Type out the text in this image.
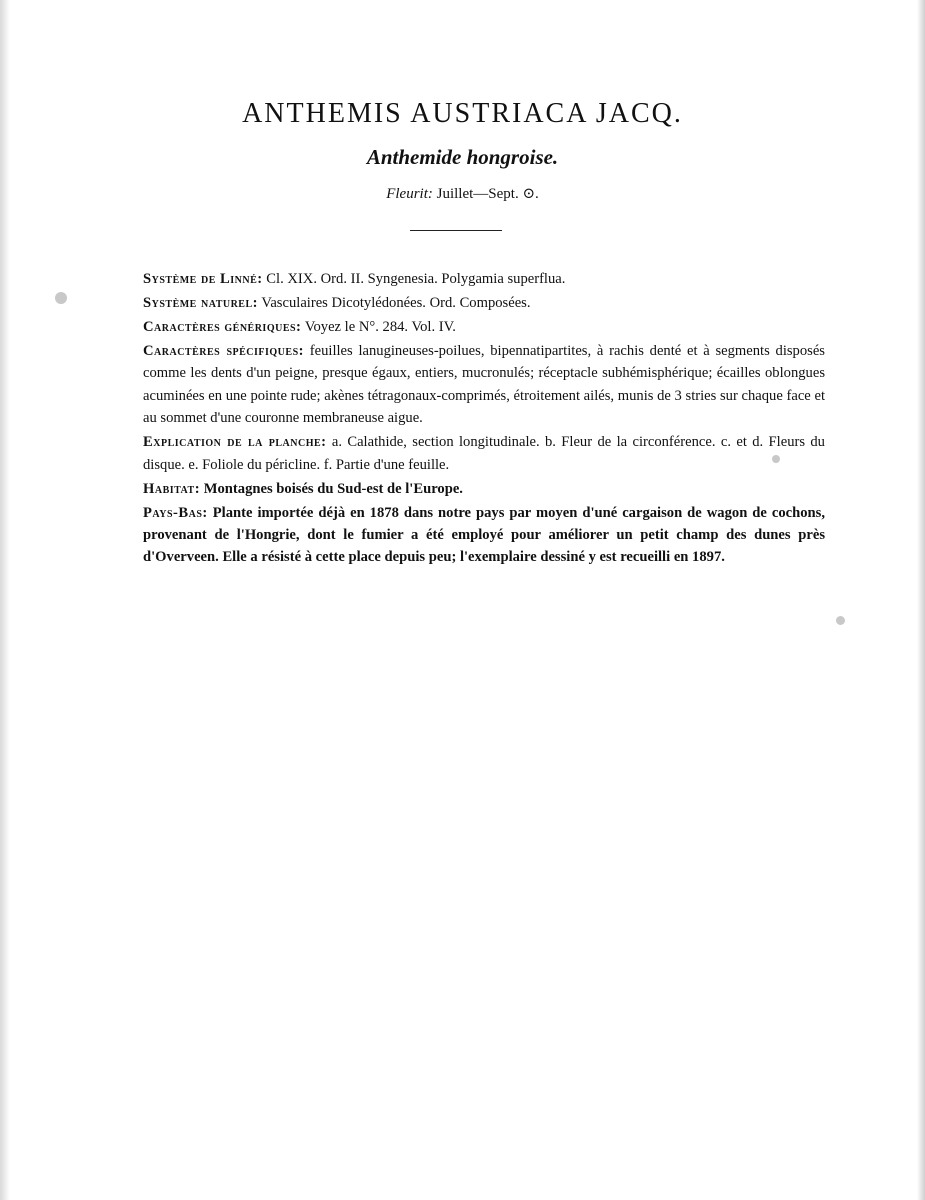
ANTHEMIS AUSTRIACA JACQ.
Anthemide hongroise.

Fleurit: Juillet—Sept. ⊙.

Système de Linné: Cl. XIX. Ord. II. Syngenesia. Polygamia superflua.

Système naturel: Vasculaires Dicotylédonées. Ord. Composées.

Caractères génériques: Voyez le N°. 284. Vol. IV.

Caractères spécifiques: feuilles lanugineuses-poilues, bipennatipartites, à rachis denté et à segments disposés comme les dents d'un peigne, presque égaux, entiers, mucronulés; réceptacle subhémisphérique; écailles oblongues acuminées en une pointe rude; akènes tétragonaux-comprimés, étroitement ailés, munis de 3 stries sur chaque face et au sommet d'une couronne membraneuse aigue.

Explication de la planche: a. Calathide, section longitudinale. b. Fleur de la circonférence. c. et d. Fleurs du disque. e. Foliole du péricline. f. Partie d'une feuille.

Habitat: Montagnes boisés du Sud-est de l'Europe.

Pays-Bas: Plante importée déjà en 1878 dans notre pays par moyen d'uné cargaison de wagon de cochons, provenant de l'Hongrie, dont le fumier a été employé pour améliorer un petit champ des dunes près d'Overveen. Elle a résisté à cette place depuis peu; l'exemplaire dessiné y est recueilli en 1897.
